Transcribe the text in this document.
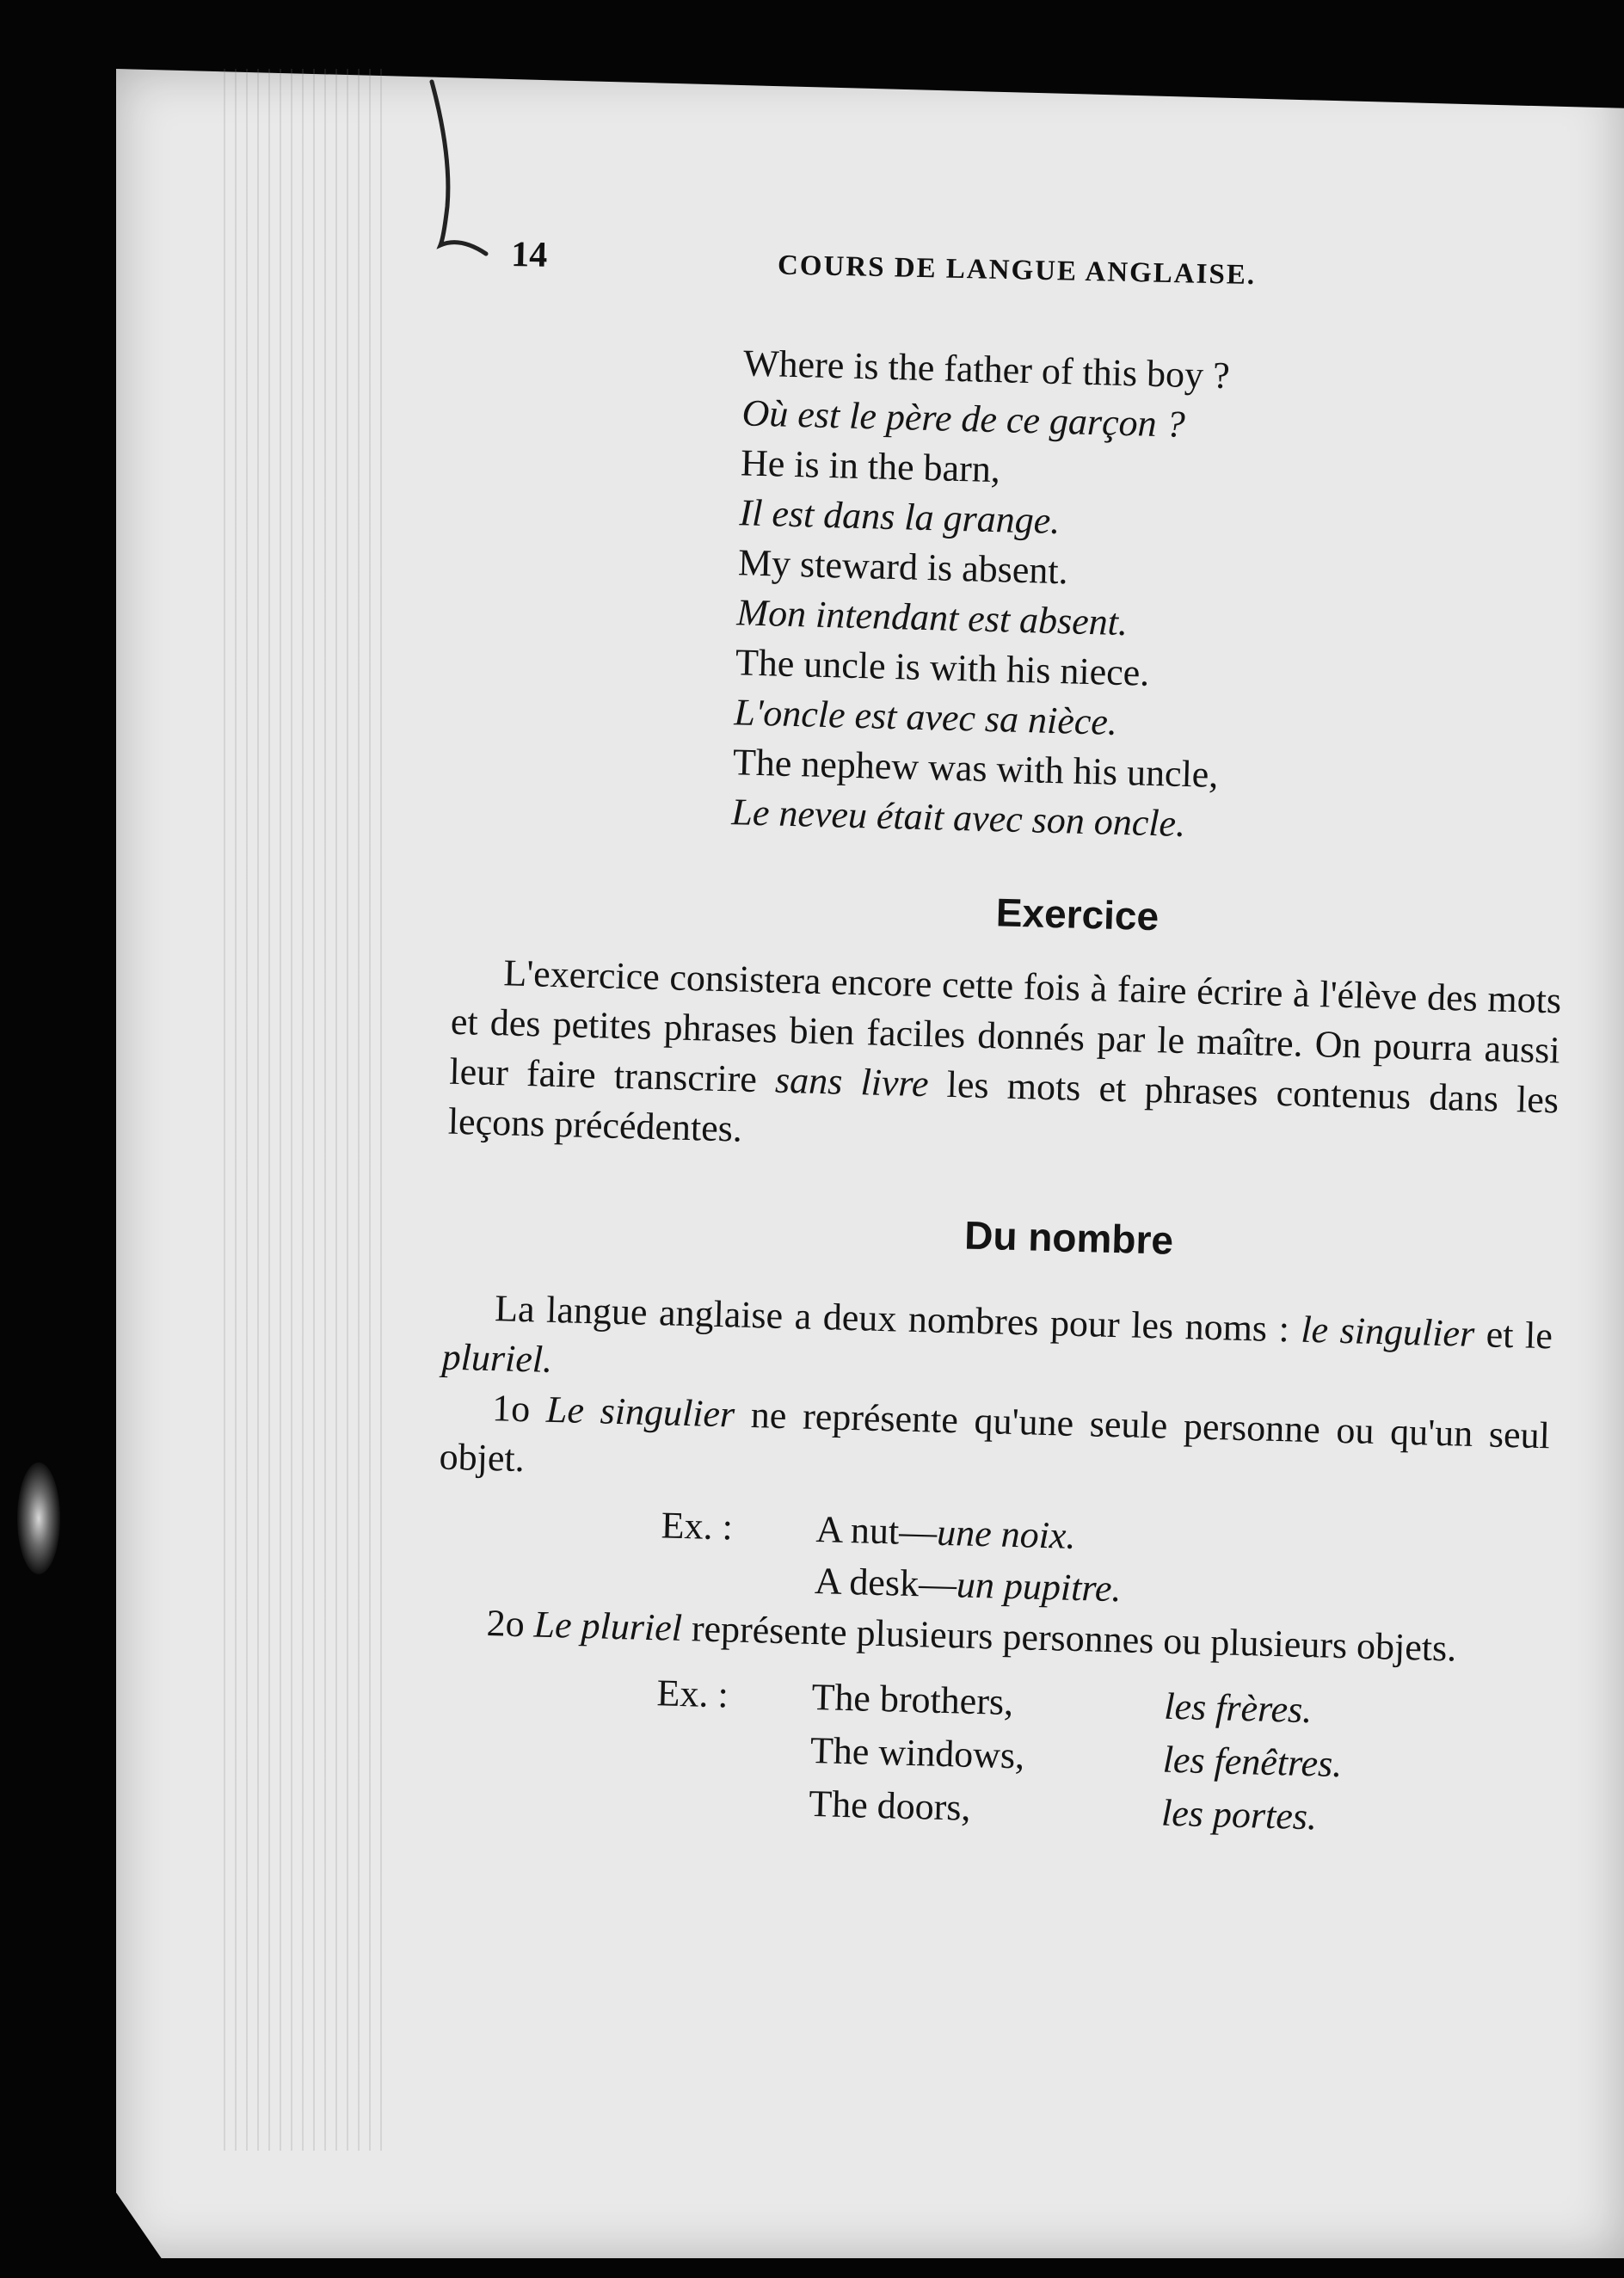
14	COURS DE LANGUE ANGLAISE.
Where is the father of this boy ?
Où est le père de ce garçon ?
He is in the barn,
Il est dans la grange.
My steward is absent.
Mon intendant est absent.
The uncle is with his niece.
L'oncle est avec sa nièce.
The nephew was with his uncle,
Le neveu était avec son oncle.
Exercice

L'exercice consistera encore cette fois à faire écrire à l'élève des mots et des petites phrases bien faciles donnés par le maître. On pourra aussi leur faire transcrire sans livre les mots et phrases contenus dans les leçons précédentes.

Du nombre

La langue anglaise a deux nombres pour les noms : le singulier et le pluriel.

1o Le singulier ne représente qu'une seule personne ou qu'un seul objet.

Ex. :	A nut—une noix.
A desk—un pupitre.

2o Le pluriel représente plusieurs personnes ou plusieurs objets.

Ex. :	The brothers,	les frères.
The windows,	les fenêtres.
The doors,	les portes.
